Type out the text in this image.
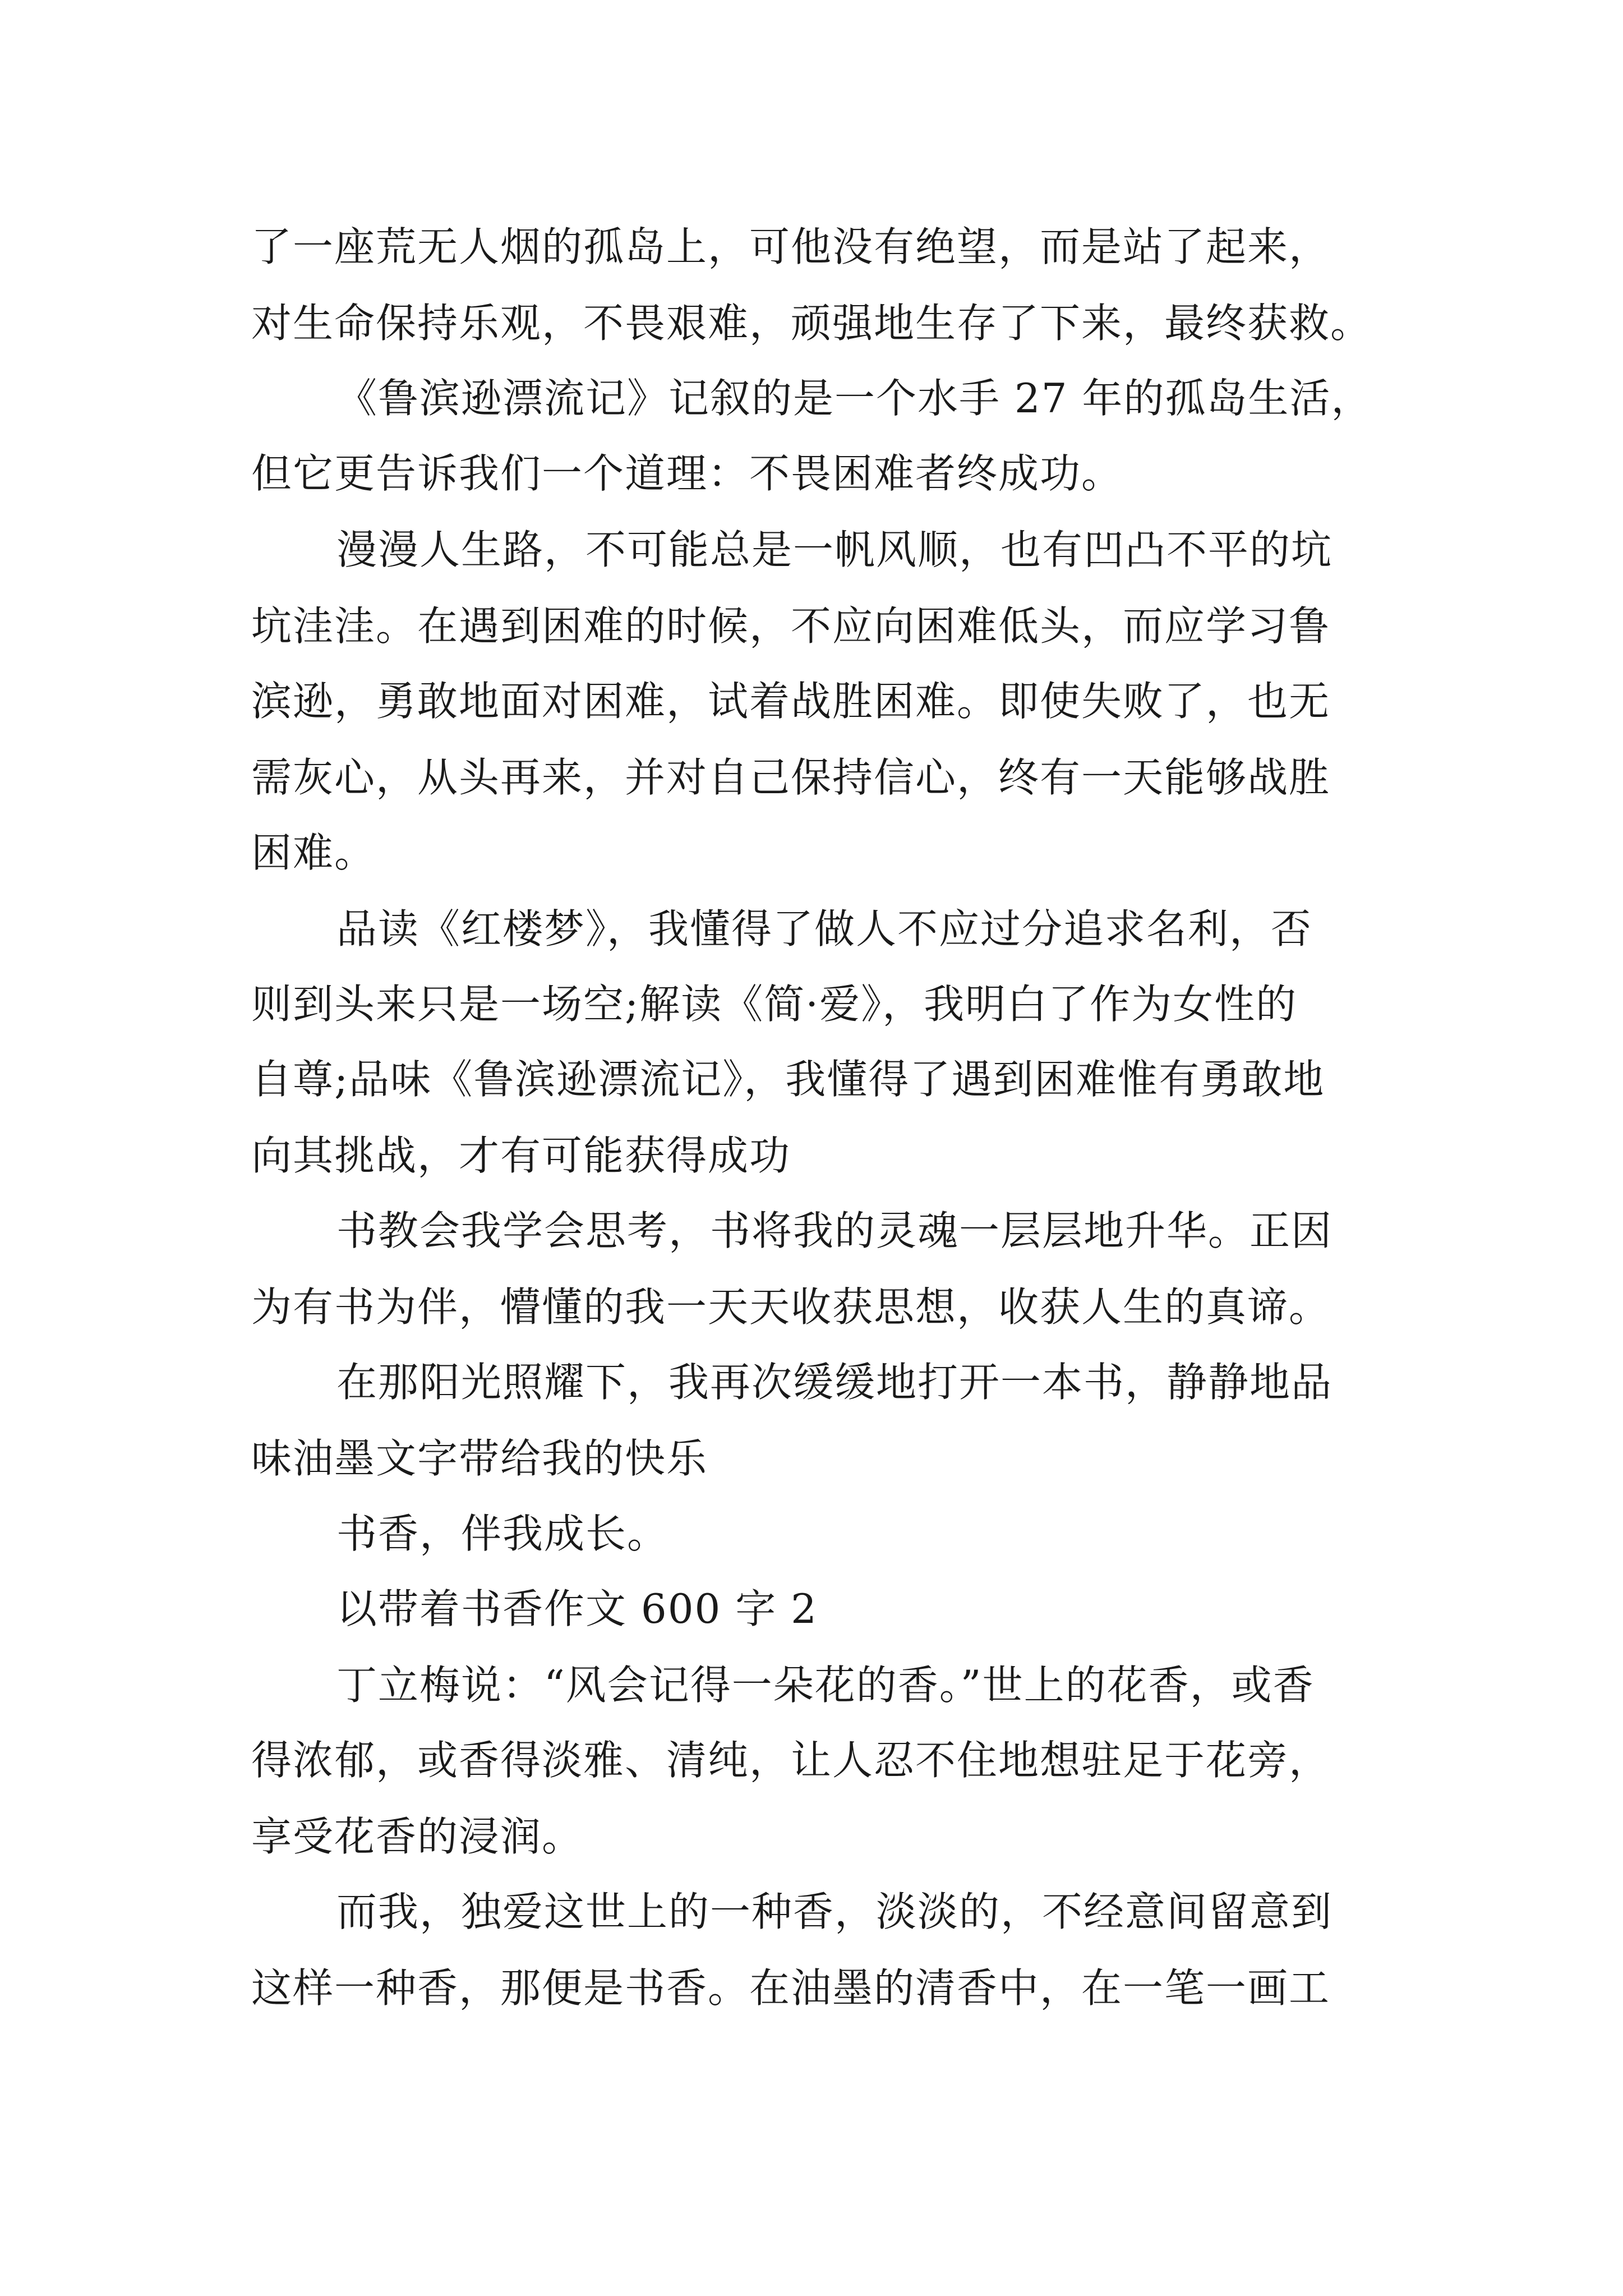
了一座荒无人烟的孤岛上，可他没有绝望，而是站了起来，
对生命保持乐观，不畏艰难，顽强地生存了下来，最终获救。
《鲁滨逊漂流记》记叙的是一个水手 27 年的孤岛生活，
但它更告诉我们一个道理：不畏困难者终成功。
漫漫人生路，不可能总是一帆风顺，也有凹凸不平的坑
坑洼洼。在遇到困难的时候，不应向困难低头，而应学习鲁
滨逊，勇敢地面对困难，试着战胜困难。即使失败了，也无
需灰心，从头再来，并对自己保持信心，终有一天能够战胜
困难。
品读《红楼梦》，我懂得了做人不应过分追求名利，否
则到头来只是一场空;解读《简·爱》，我明白了作为女性的
自尊;品味《鲁滨逊漂流记》，我懂得了遇到困难惟有勇敢地
向其挑战，才有可能获得成功
书教会我学会思考，书将我的灵魂一层层地升华。正因
为有书为伴，懵懂的我一天天收获思想，收获人生的真谛。
在那阳光照耀下，我再次缓缓地打开一本书，静静地品
味油墨文字带给我的快乐
书香，伴我成长。
以带着书香作文 600 字 2
丁立梅说：“风会记得一朵花的香。”世上的花香，或香
得浓郁，或香得淡雅、清纯，让人忍不住地想驻足于花旁，
享受花香的浸润。
而我，独爱这世上的一种香，淡淡的，不经意间留意到
这样一种香，那便是书香。在油墨的清香中，在一笔一画工
